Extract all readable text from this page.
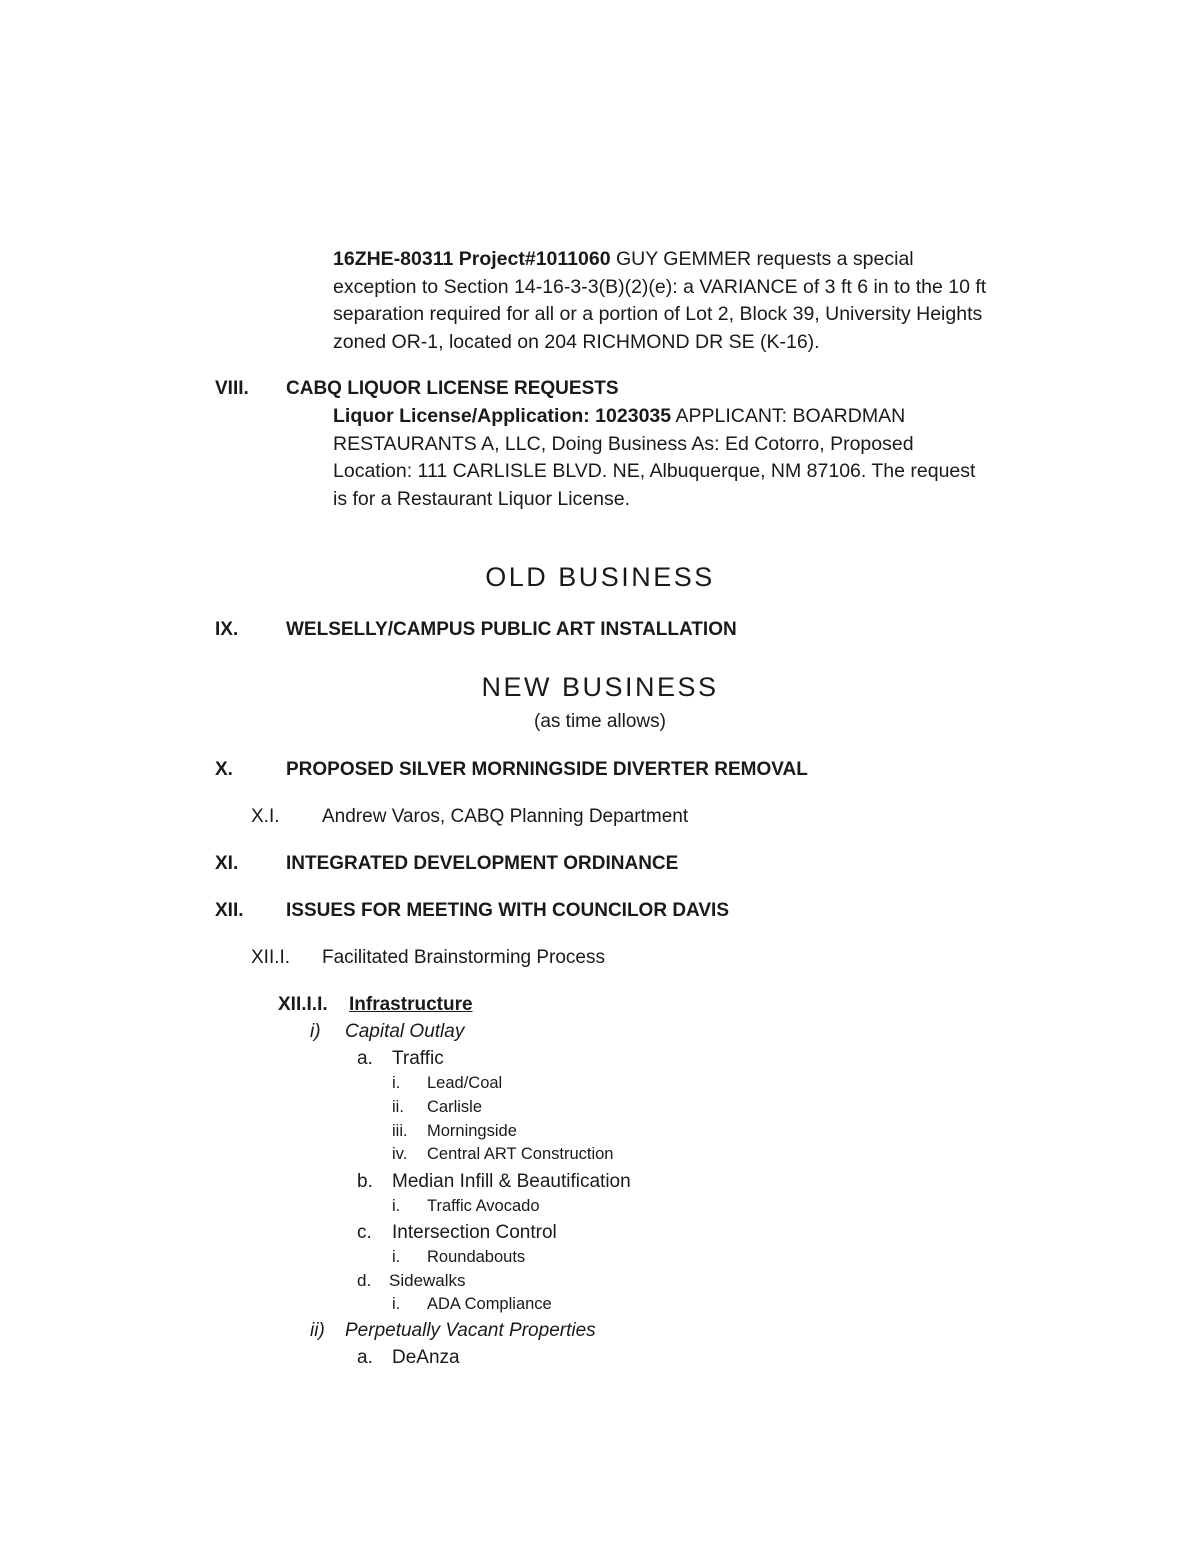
16ZHE-80311 Project#1011060 GUY GEMMER requests a special exception to Section 14-16-3-3(B)(2)(e): a VARIANCE of 3 ft 6 in to the 10 ft separation required for all or a portion of Lot 2, Block 39, University Heights zoned OR-1, located on 204 RICHMOND DR SE (K-16).
VIII. CABQ LIQUOR LICENSE REQUESTS
Liquor License/Application: 1023035 APPLICANT: BOARDMAN RESTAURANTS A, LLC, Doing Business As: Ed Cotorro, Proposed Location: 111 CARLISLE BLVD. NE, Albuquerque, NM 87106. The request is for a Restaurant Liquor License.
OLD BUSINESS
IX.	WELSELLY/CAMPUS PUBLIC ART INSTALLATION
NEW BUSINESS
(as time allows)
X.	PROPOSED SILVER MORNINGSIDE DIVERTER REMOVAL
X.I. Andrew Varos, CABQ Planning Department
XI.	INTEGRATED DEVELOPMENT ORDINANCE
XII. ISSUES FOR MEETING WITH COUNCILOR DAVIS
XII.I. Facilitated Brainstorming Process
XII.I.I. Infrastructure
i) Capital Outlay
a. Traffic
i. Lead/Coal
ii. Carlisle
iii. Morningside
iv. Central ART Construction
b. Median Infill & Beautification
i. Traffic Avocado
c. Intersection Control
i. Roundabouts
d. Sidewalks
i. ADA Compliance
ii) Perpetually Vacant Properties
a. DeAnza
